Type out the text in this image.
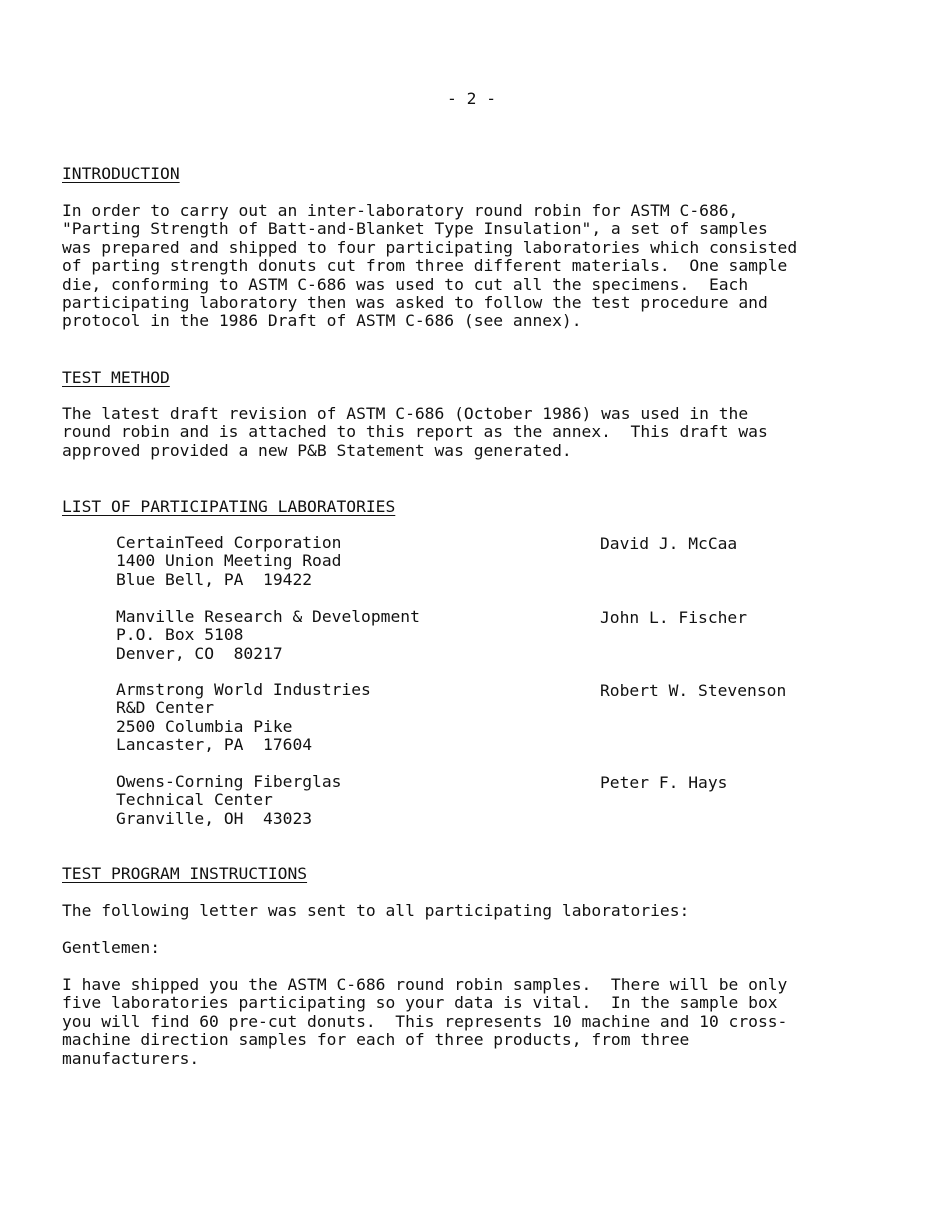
- 2 -

INTRODUCTION

In order to carry out an inter-laboratory round robin for ASTM C-686,

"Parting Strength of Batt-and-Blanket Type Insulation", a set of samples

was prepared and shipped to four participating laboratories which consisted

of parting strength donuts cut from three different materials.  One sample

die, conforming to ASTM C-686 was used to cut all the specimens.  Each

participating laboratory then was asked to follow the test procedure and

protocol in the 1986 Draft of ASTM C-686 (see annex).

TEST METHOD

The latest draft revision of ASTM C-686 (October 1986) was used in the

round robin and is attached to this report as the annex.  This draft was

approved provided a new P&B Statement was generated.

LIST OF PARTICIPATING LABORATORIES

CertainTeed Corporation

1400 Union Meeting Road

Blue Bell, PA  19422

David J. McCaa

Manville Research & Development

P.O. Box 5108

Denver, CO  80217

John L. Fischer

Armstrong World Industries

R&D Center

2500 Columbia Pike

Lancaster, PA  17604

Robert W. Stevenson

Owens-Corning Fiberglas

Technical Center

Granville, OH  43023

Peter F. Hays

TEST PROGRAM INSTRUCTIONS

The following letter was sent to all participating laboratories:

Gentlemen:

I have shipped you the ASTM C-686 round robin samples.  There will be only

five laboratories participating so your data is vital.  In the sample box

you will find 60 pre-cut donuts.  This represents 10 machine and 10 cross-

machine direction samples for each of three products, from three

manufacturers.
